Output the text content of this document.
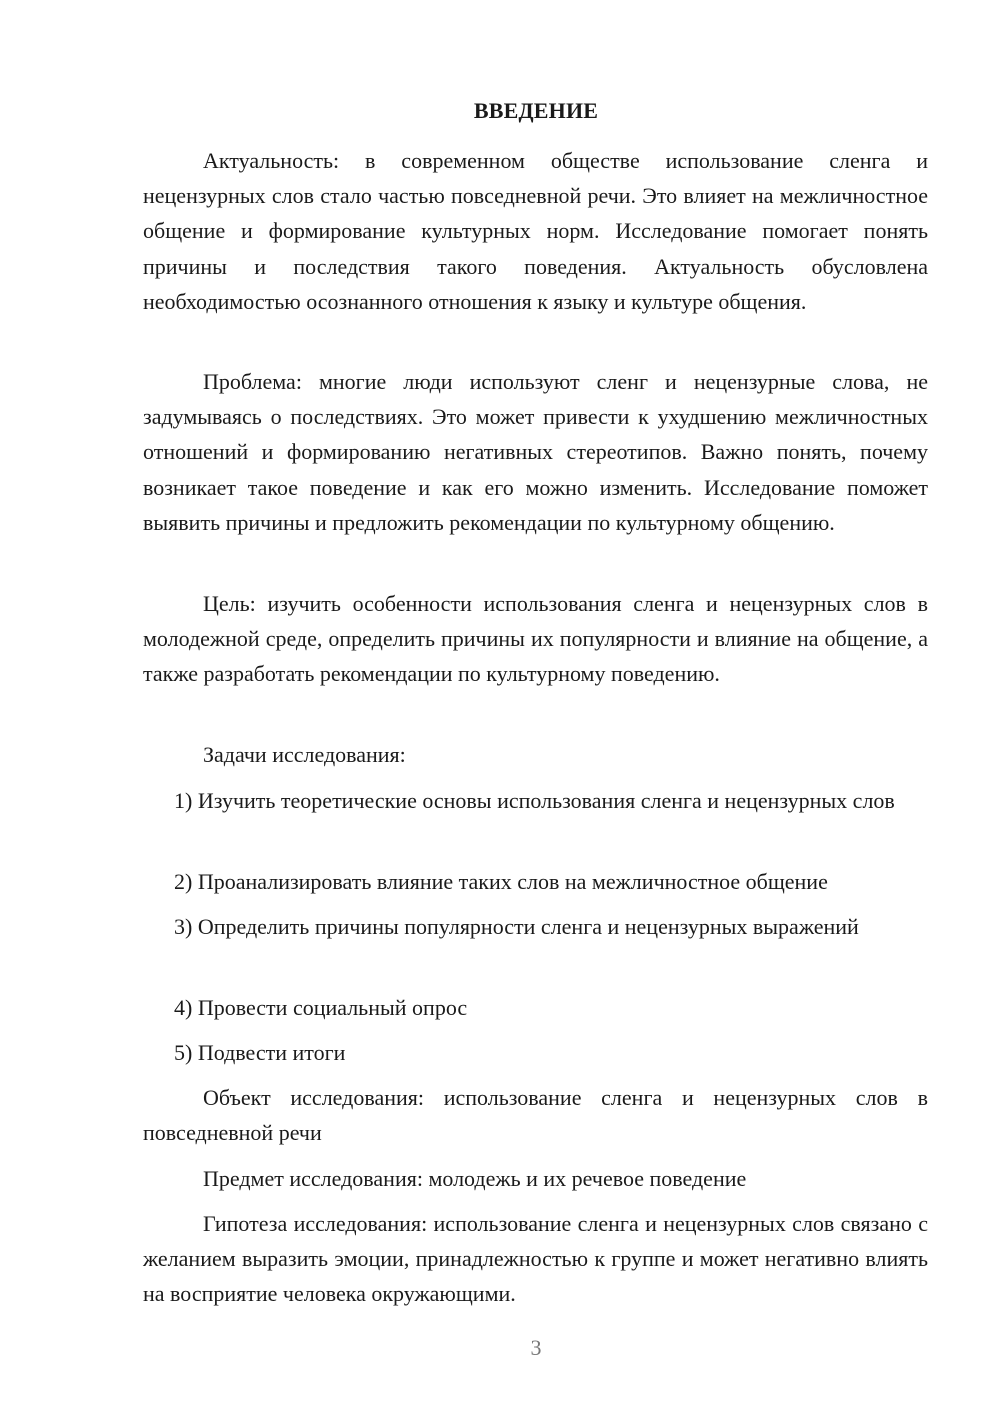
ВВЕДЕНИЕ

Актуальность: в современном обществе использование сленга и нецензурных слов стало частью повседневной речи. Это влияет на межличностное общение и формирование культурных норм. Исследование помогает понять причины и последствия такого поведения. Актуальность обусловлена необходимостью осознанного отношения к языку и культуре общения.

Проблема: многие люди используют сленг и нецензурные слова, не задумываясь о последствиях. Это может привести к ухудшению межличностных отношений и формированию негативных стереотипов. Важно понять, почему возникает такое поведение и как его можно изменить. Исследование поможет выявить причины и предложить рекомендации по культурному общению.

Цель: изучить особенности использования сленга и нецензурных слов в молодежной среде, определить причины их популярности и влияние на общение, а также разработать рекомендации по культурному поведению.

Задачи исследования:

1) Изучить теоретические основы использования сленга и нецензурных слов

2) Проанализировать влияние таких слов на межличностное общение

3) Определить причины популярности сленга и нецензурных выражений

4) Провести социальный опрос

5) Подвести итоги

Объект исследования: использование сленга и нецензурных слов в повседневной речи

Предмет исследования: молодежь и их речевое поведение

Гипотеза исследования: использование сленга и нецензурных слов связано с желанием выразить эмоции, принадлежностью к группе и может негативно влиять на восприятие человека окружающими.

3
